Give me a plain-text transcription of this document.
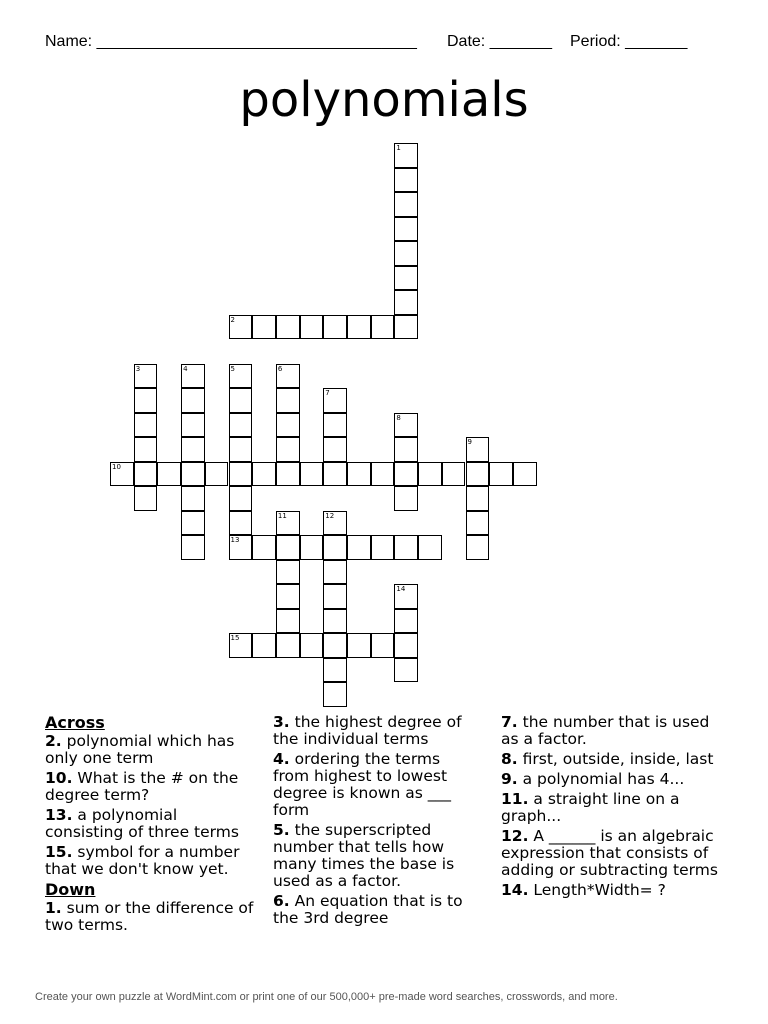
Name: ____________________________________ Date: _______ Period: _______
polynomials
1
2
3	4	5	6
7
8
9
10
11	12
13
14
15
Across

2. polynomial which has only one term

10. What is the # on the degree term?

13. a polynomial consisting of three terms

15. symbol for a number that we don't know yet.

Down

1. sum or the difference of two terms.

3. the highest degree of the individual terms

4. ordering the terms from highest to lowest degree is known as ___ form

5. the superscripted number that tells how many times the base is used as a factor.

6. An equation that is to the 3rd degree

7. the number that is used as a factor.

8. first, outside, inside, last

9. a polynomial has 4...

11. a straight line on a graph...

12. A ______ is an algebraic expression that consists of adding or subtracting terms

14. Length*Width= ?

Create your own puzzle at WordMint.com or print one of our 500,000+ pre-made word searches, crosswords, and more.
